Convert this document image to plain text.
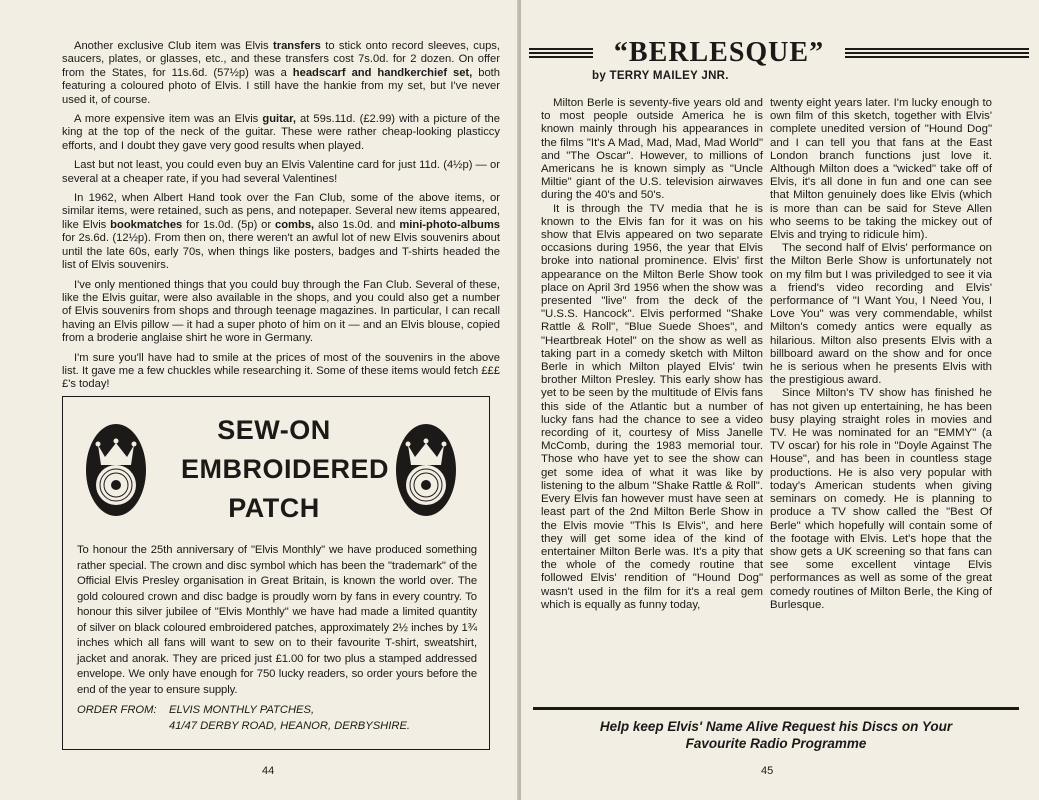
Another exclusive Club item was Elvis transfers to stick onto record sleeves, cups, saucers, plates, or glasses, etc., and these transfers cost 7s.0d. for 2 dozen. On offer from the States, for 11s.6d. (57½p) was a headscarf and handkerchief set, both featuring a coloured photo of Elvis. I still have the hankie from my set, but I've never used it, of course.

A more expensive item was an Elvis guitar, at 59s.11d. (£2.99) with a picture of the king at the top of the neck of the guitar. These were rather cheap-looking plasticcy efforts, and I doubt they gave very good results when played.

Last but not least, you could even buy an Elvis Valentine card for just 11d. (4½p) — or several at a cheaper rate, if you had several Valentines!

In 1962, when Albert Hand took over the Fan Club, some of the above items, or similar items, were retained, such as pens, and notepaper. Several new items appeared, like Elvis bookmatches for 1s.0d. (5p) or combs, also 1s.0d. and mini-photo-albums for 2s.6d. (12½p). From then on, there weren't an awful lot of new Elvis souvenirs about until the late 60s, early 70s, when things like posters, badges and T-shirts headed the list of Elvis souvenirs.

I've only mentioned things that you could buy through the Fan Club. Several of these, like the Elvis guitar, were also available in the shops, and you could also get a number of Elvis souvenirs from shops and through teenage magazines. In particular, I can recall having an Elvis pillow — it had a super photo of him on it — and an Elvis blouse, copied from a broderie anglaise shirt he wore in Germany.

I'm sure you'll have had to smile at the prices of most of the souvenirs in the above list. It gave me a few chuckles while researching it. Some of these items would fetch ££££'s today!

SEW-ON
EMBROIDERED
PATCH
To honour the 25th anniversary of "Elvis Monthly" we have produced something rather special. The crown and disc symbol which has been the "trademark" of the Official Elvis Presley organisation in Great Britain, is known the world over. The gold coloured crown and disc badge is proudly worn by fans in every country. To honour this silver jubilee of "Elvis Monthly" we have had made a limited quantity of silver on black coloured embroidered patches, approximately 2½ inches by 1¾ inches which all fans will want to sew on to their favourite T-shirt, sweatshirt, jacket and anorak. They are priced just £1.00 for two plus a stamped addressed envelope. We only have enough for 750 lucky readers, so order yours before the end of the year to ensure supply.
ORDER FROM: ELVIS MONTHLY PATCHES,
41/47 DERBY ROAD, HEANOR, DERBYSHIRE.
44
“BERLESQUE”
by TERRY MAILEY JNR.

Milton Berle is seventy-five years old and to most people outside America he is known mainly through his appearances in the films "It's A Mad, Mad, Mad, Mad World" and "The Oscar". However, to millions of Americans he is known simply as "Uncle Miltie" giant of the U.S. television airwaves during the 40's and 50's.

It is through the TV media that he is known to the Elvis fan for it was on his show that Elvis appeared on two separate occasions during 1956, the year that Elvis broke into national prominence. Elvis' first appearance on the Milton Berle Show took place on April 3rd 1956 when the show was presented "live" from the deck of the "U.S.S. Hancock". Elvis performed "Shake Rattle & Roll", "Blue Suede Shoes", and "Heartbreak Hotel" on the show as well as taking part in a comedy sketch with Milton Berle in which Milton played Elvis' twin brother Milton Presley. This early show has yet to be seen by the multitude of Elvis fans this side of the Atlantic but a number of lucky fans had the chance to see a video recording of it, courtesy of Miss Janelle McComb, during the 1983 memorial tour. Those who have yet to see the show can get some idea of what it was like by listening to the album "Shake Rattle & Roll". Every Elvis fan however must have seen at least part of the 2nd Milton Berle Show in the Elvis movie "This Is Elvis", and here they will get some idea of the kind of entertainer Milton Berle was. It's a pity that the whole of the comedy routine that followed Elvis' rendition of "Hound Dog" wasn't used in the film for it's a real gem which is equally as funny today,

twenty eight years later. I'm lucky enough to own film of this sketch, together with Elvis' complete unedited version of "Hound Dog" and I can tell you that fans at the East London branch functions just love it. Although Milton does a "wicked" take off of Elvis, it's all done in fun and one can see that Milton genuinely does like Elvis (which is more than can be said for Steve Allen who seems to be taking the mickey out of Elvis and trying to ridicule him).

The second half of Elvis' performance on the Milton Berle Show is unfortunately not on my film but I was priviledged to see it via a friend's video recording and Elvis' performance of "I Want You, I Need You, I Love You" was very commendable, whilst Milton's comedy antics were equally as hilarious. Milton also presents Elvis with a billboard award on the show and for once he is serious when he presents Elvis with the prestigious award.

Since Milton's TV show has finished he has not given up entertaining, he has been busy playing straight roles in movies and TV. He was nominated for an "EMMY" (a TV oscar) for his role in "Doyle Against The House", and has been in countless stage productions. He is also very popular with today's American students when giving seminars on comedy. He is planning to produce a TV show called the "Best Of Berle" which hopefully will contain some of the footage with Elvis. Let's hope that the show gets a UK screening so that fans can see some excellent vintage Elvis performances as well as some of the great comedy routines of Milton Berle, the King of Burlesque.

Help keep Elvis' Name Alive Request his Discs on Your
Favourite Radio Programme
45
